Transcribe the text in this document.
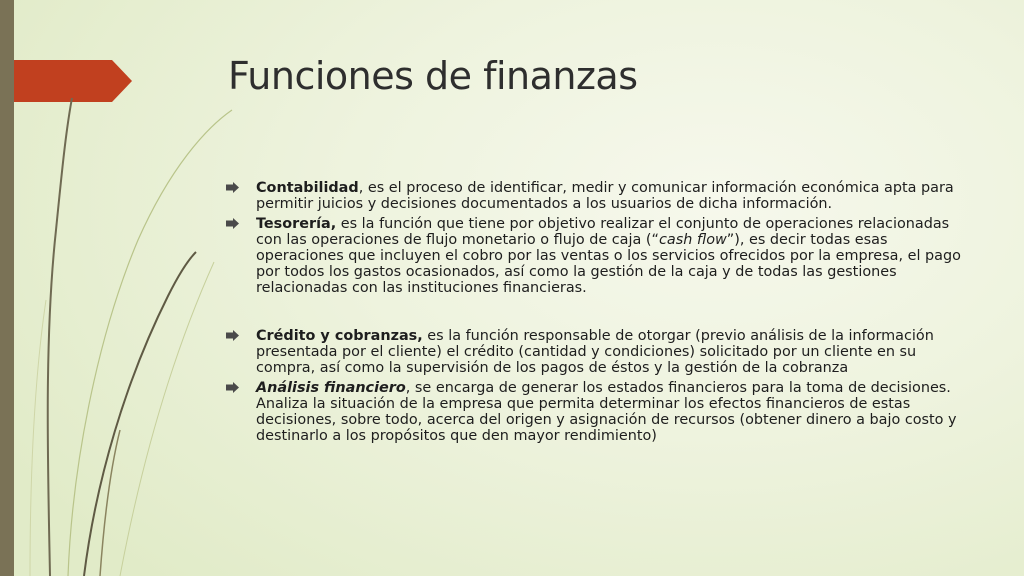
Funciones de finanzas
Contabilidad, es el proceso de identificar, medir y comunicar información económica apta para permitir juicios y decisiones documentados a los usuarios de dicha información.
Tesorería, es la función que tiene por objetivo realizar el conjunto de operaciones relacionadas con las operaciones de flujo monetario o flujo de caja (“cash flow”), es decir todas esas operaciones que incluyen el cobro por las ventas o los servicios ofrecidos por la empresa, el pago por todos los gastos ocasionados, así como la gestión de la caja y de todas las gestiones relacionadas con las instituciones financieras.
Crédito y cobranzas, es la función responsable de otorgar (previo análisis de la información presentada por el cliente) el crédito (cantidad y condiciones) solicitado por un cliente en su compra, así como la supervisión de los pagos de éstos y la gestión de la cobranza
Análisis financiero, se encarga de generar los estados financieros para la toma de decisiones. Analiza la situación de la empresa que permita determinar los efectos financieros de estas decisiones, sobre todo, acerca del origen y asignación de recursos (obtener dinero a bajo costo y destinarlo a los propósitos que den mayor rendimiento)
